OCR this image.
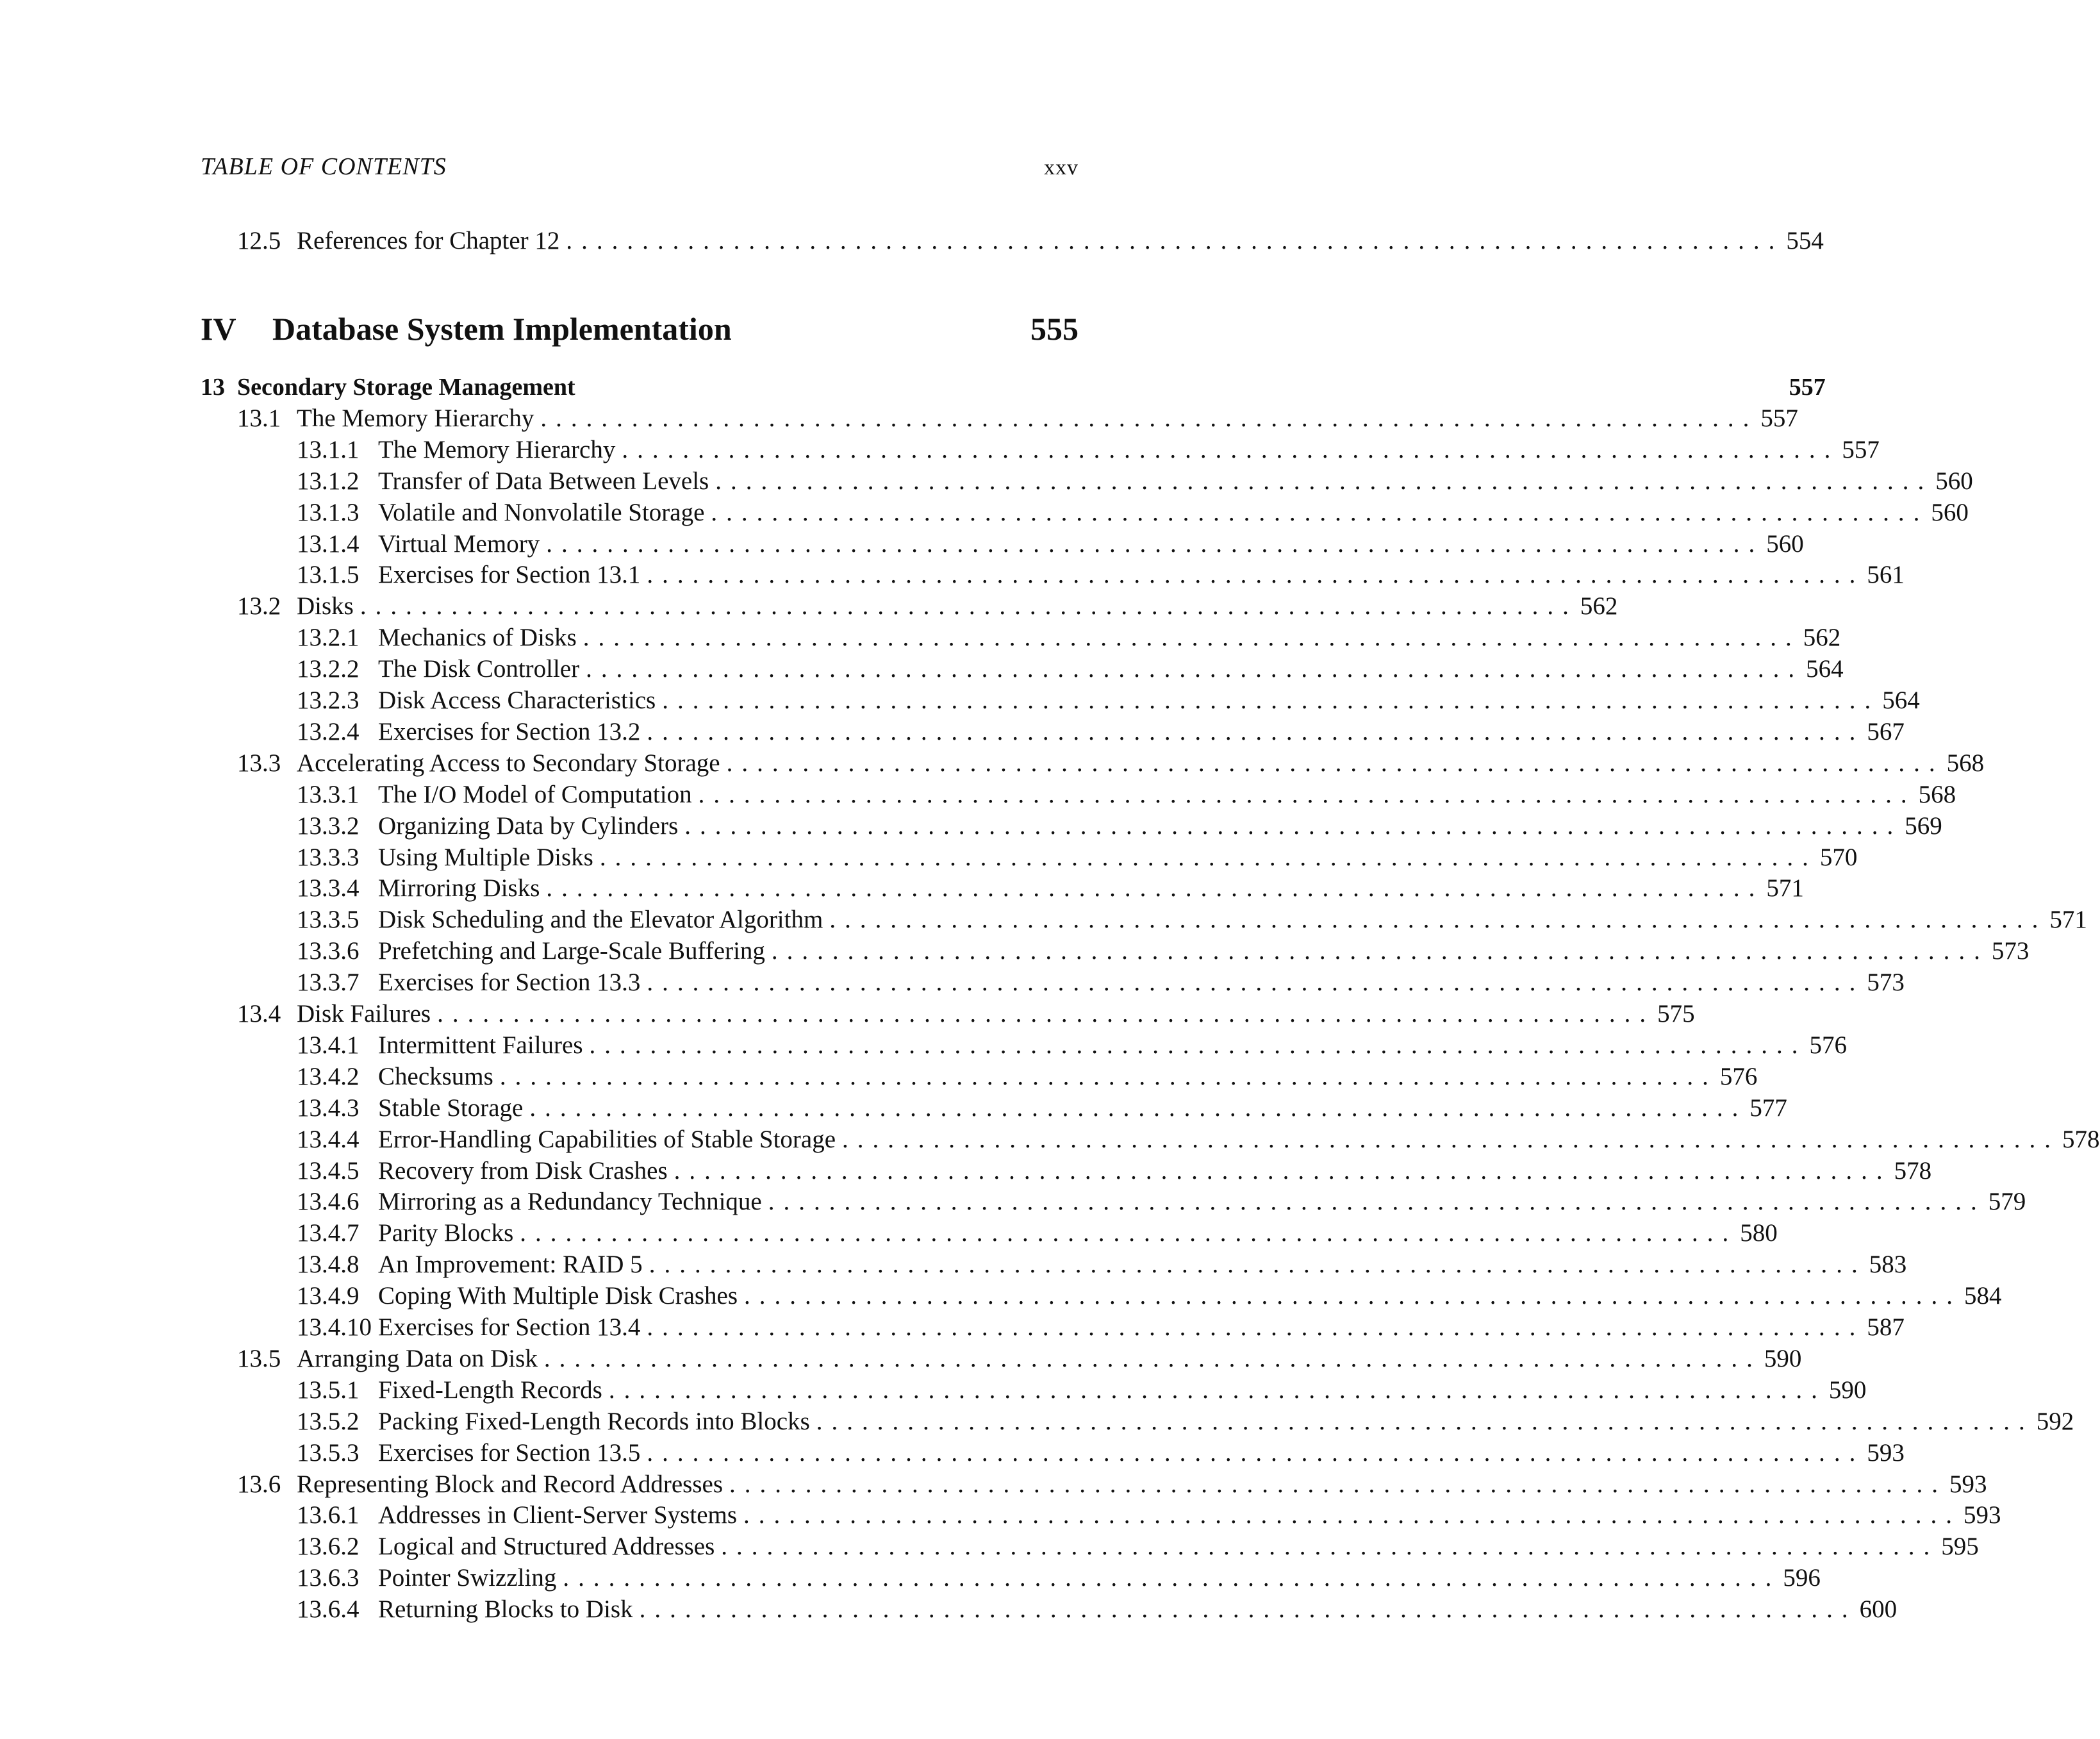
TABLE OF CONTENTS	xxv
IV Database System Implementation	555
12.5 References for Chapter 12 ................................................................................ 554
13 Secondary Storage Management	557
13.1 The Memory Hierarchy ................................................................................ 557
13.1.1 The Memory Hierarchy ................................................................................ 557
13.1.2 Transfer of Data Between Levels ................................................................................ 560
13.1.3 Volatile and Nonvolatile Storage ................................................................................ 560
13.1.4 Virtual Memory ................................................................................ 560
13.1.5 Exercises for Section 13.1 ................................................................................ 561
13.2 Disks ................................................................................ 562
13.2.1 Mechanics of Disks ................................................................................ 562
13.2.2 The Disk Controller ................................................................................ 564
13.2.3 Disk Access Characteristics ................................................................................ 564
13.2.4 Exercises for Section 13.2 ................................................................................ 567
13.3 Accelerating Access to Secondary Storage ................................................................................ 568
13.3.1 The I/O Model of Computation ................................................................................ 568
13.3.2 Organizing Data by Cylinders ................................................................................ 569
13.3.3 Using Multiple Disks ................................................................................ 570
13.3.4 Mirroring Disks ................................................................................ 571
13.3.5 Disk Scheduling and the Elevator Algorithm ................................................................................ 571
13.3.6 Prefetching and Large-Scale Buffering ................................................................................ 573
13.3.7 Exercises for Section 13.3 ................................................................................ 573
13.4 Disk Failures ................................................................................ 575
13.4.1 Intermittent Failures ................................................................................ 576
13.4.2 Checksums ................................................................................ 576
13.4.3 Stable Storage ................................................................................ 577
13.4.4 Error-Handling Capabilities of Stable Storage ................................................................................ 578
13.4.5 Recovery from Disk Crashes ................................................................................ 578
13.4.6 Mirroring as a Redundancy Technique ................................................................................ 579
13.4.7 Parity Blocks ................................................................................ 580
13.4.8 An Improvement: RAID 5 ................................................................................ 583
13.4.9 Coping With Multiple Disk Crashes ................................................................................ 584
13.4.10 Exercises for Section 13.4 ................................................................................ 587
13.5 Arranging Data on Disk ................................................................................ 590
13.5.1 Fixed-Length Records ................................................................................ 590
13.5.2 Packing Fixed-Length Records into Blocks ................................................................................ 592
13.5.3 Exercises for Section 13.5 ................................................................................ 593
13.6 Representing Block and Record Addresses ................................................................................ 593
13.6.1 Addresses in Client-Server Systems ................................................................................ 593
13.6.2 Logical and Structured Addresses ................................................................................ 595
13.6.3 Pointer Swizzling ................................................................................ 596
13.6.4 Returning Blocks to Disk ................................................................................ 600
